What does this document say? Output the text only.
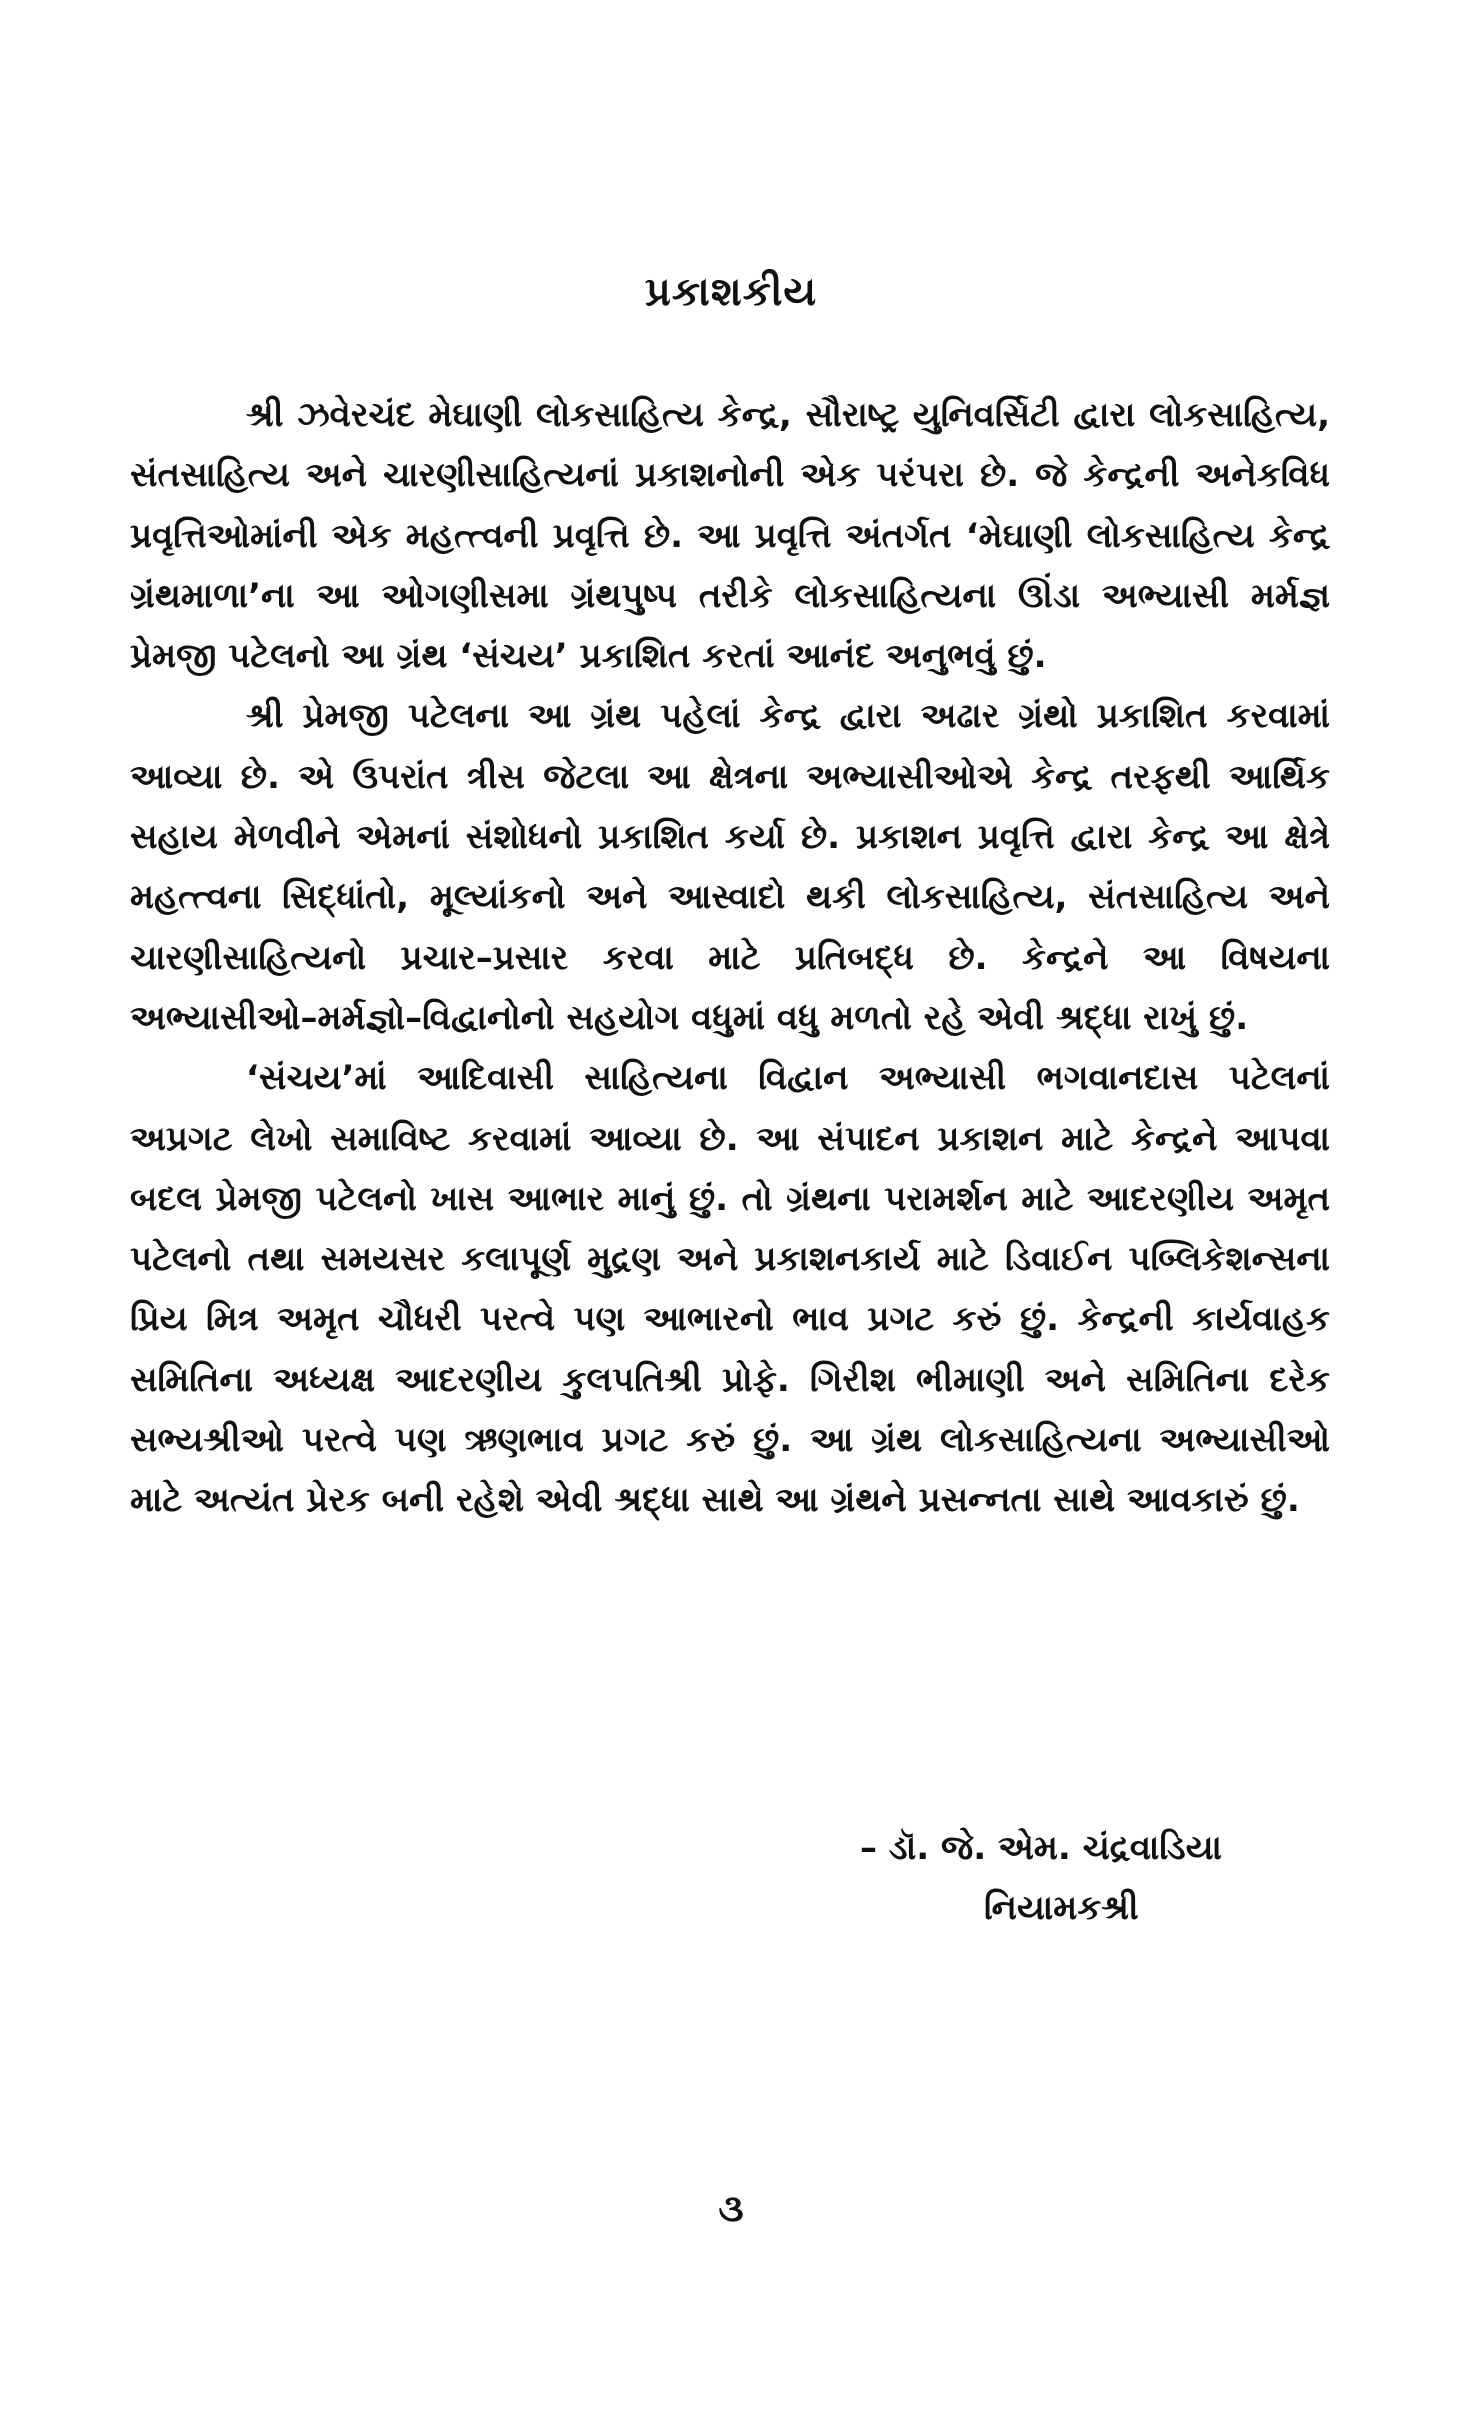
પ્રકાશકીય

શ્રી ઝવેરચંદ મેઘાણી લોકસાહિત્ય કેન્દ્ર, સૌરાષ્ટ્ર યુનિવર્સિટી દ્વારા લોકસાહિત્ય, સંતસાહિત્ય અને ચારણીસાહિત્યનાં પ્રકાશનોની એક પરંપરા છે. જે કેન્દ્રની અનેકવિધ પ્રવૃત્તિઓમાંની એક મહત્ત્વની પ્રવૃત્તિ છે. આ પ્રવૃત્તિ અંતર્ગત ‘મેઘાણી લોકસાહિત્ય કેન્દ્ર ગ્રંથમાળા’ના આ ઓગણીસમા ગ્રંથપુષ્પ તરીકે લોકસાહિત્યના ઊંડા અભ્યાસી મર્મજ્ઞ પ્રેમજી પટેલનો આ ગ્રંથ ‘સંચય’ પ્રકાશિત કરતાં આનંદ અનુભવું છું.

શ્રી પ્રેમજી પટેલના આ ગ્રંથ પહેલાં કેન્દ્ર દ્વારા અઢાર ગ્રંથો પ્રકાશિત કરવામાં આવ્યા છે. એ ઉપરાંત ત્રીસ જેટલા આ ક્ષેત્રના અભ્યાસીઓએ કેન્દ્ર તરફથી આર્થિક સહાય મેળવીને એમનાં સંશોધનો પ્રકાશિત કર્યા છે. પ્રકાશન પ્રવૃત્તિ દ્વારા કેન્દ્ર આ ક્ષેત્રે મહત્ત્વના સિદ્ધાંતો, મૂલ્યાંકનો અને આસ્વાદો થકી લોકસાહિત્ય, સંતસાહિત્ય અને ચારણીસાહિત્યનો પ્રચાર–પ્રસાર કરવા માટે પ્રતિબદ્ધ છે. કેન્દ્રને આ વિષયના અભ્યાસીઓ–મર્મજ્ઞો–વિદ્વાનોનો સહયોગ વધુમાં વધુ મળતો રહે એવી શ્રદ્ધા રાખું છું.

‘સંચય’માં આદિવાસી સાહિત્યના વિદ્વાન અભ્યાસી ભગવાનદાસ પટેલનાં અપ્રગટ લેખો સમાવિષ્ટ કરવામાં આવ્યા છે. આ સંપાદન પ્રકાશન માટે કેન્દ્રને આપવા બદલ પ્રેમજી પટેલનો ખાસ આભાર માનું છું. તો ગ્રંથના પરામર્શન માટે આદરણીય અમૃત પટેલનો તથા સમયસર કલાપૂર્ણ મુદ્રણ અને પ્રકાશનકાર્ય માટે ડિવાઈન પબ્લિકેશન્સના પ્રિય મિત્ર અમૃત ચૌધરી પરત્વે પણ આભારનો ભાવ પ્રગટ કરું છું. કેન્દ્રની કાર્યવાહક સમિતિના અધ્યક્ષ આદરણીય કુલપતિશ્રી પ્રોફે. ગિરીશ ભીમાણી અને સમિતિના દરેક સભ્યશ્રીઓ પરત્વે પણ ઋણભાવ પ્રગટ કરું છું. આ ગ્રંથ લોકસાહિત્યના અભ્યાસીઓ માટે અત્યંત પ્રેરક બની રહેશે એવી શ્રદ્ધા સાથે આ ગ્રંથને પ્રસન્નતા સાથે આવકારું છું.

– ડૉ. જે. એમ. ચંદ્રવાડિયા
નિયામકશ્રી
૩
